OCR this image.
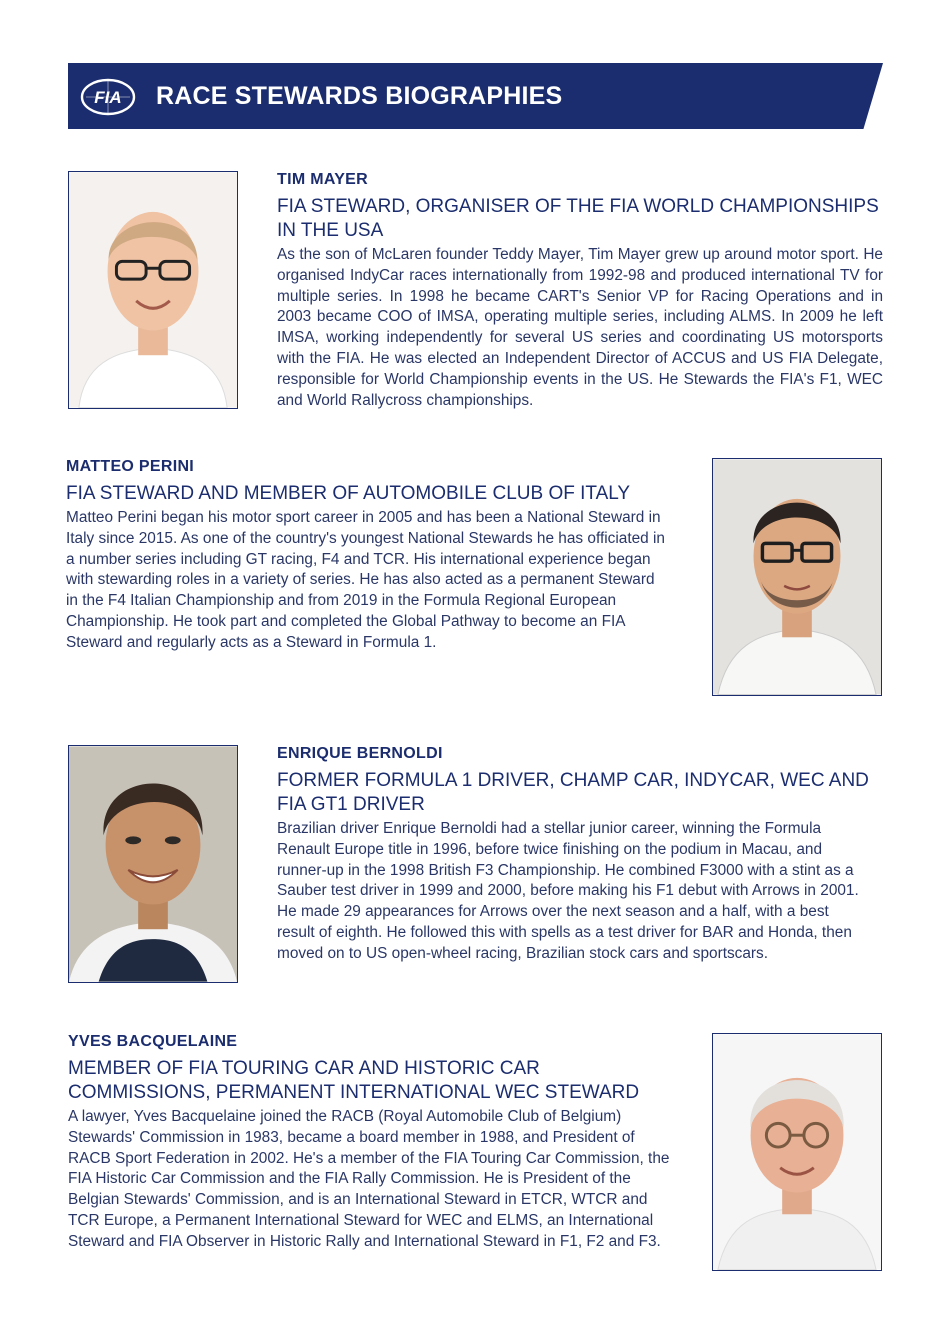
FIA RACE STEWARDS BIOGRAPHIES

TIM MAYER

FIA STEWARD, ORGANISER OF THE FIA WORLD CHAMPIONSHIPS IN THE USA

As the son of McLaren founder Teddy Mayer, Tim Mayer grew up around motor sport. He organised IndyCar races internationally from 1992-98 and produced international TV for multiple series. In 1998 he became CART's Senior VP for Racing Operations and in 2003 became COO of IMSA, operating multiple series, including ALMS. In 2009 he left IMSA, working independently for several US series and coordinating US motorsports with the FIA. He was elected an Independent Director of ACCUS and US FIA Delegate, responsible for World Championship events in the US. He Stewards the FIA's F1, WEC and World Rallycross championships.

MATTEO PERINI

FIA STEWARD AND MEMBER OF AUTOMOBILE CLUB OF ITALY

Matteo Perini began his motor sport career in 2005 and has been a National Steward in Italy since 2015. As one of the country's youngest National Stewards he has officiated in a number series including GT racing, F4 and TCR. His international experience began with stewarding roles in a variety of series. He has also acted as a permanent Steward in the F4 Italian Championship and from 2019 in the Formula Regional European Championship. He took part and completed the Global Pathway to become an FIA Steward and regularly acts as a Steward in Formula 1.

ENRIQUE BERNOLDI

FORMER FORMULA 1 DRIVER, CHAMP CAR, INDYCAR, WEC AND FIA GT1 DRIVER

Brazilian driver Enrique Bernoldi had a stellar junior career, winning the Formula Renault Europe title in 1996, before twice finishing on the podium in Macau, and runner-up in the 1998 British F3 Championship. He combined F3000 with a stint as a Sauber test driver in 1999 and 2000, before making his F1 debut with Arrows in 2001. He made 29 appearances for Arrows over the next season and a half, with a best result of eighth. He followed this with spells as a test driver for BAR and Honda, then moved on to US open-wheel racing, Brazilian stock cars and sportscars.

YVES BACQUELAINE

MEMBER OF FIA TOURING CAR AND HISTORIC CAR COMMISSIONS, PERMANENT INTERNATIONAL WEC STEWARD

A lawyer, Yves Bacquelaine joined the RACB (Royal Automobile Club of Belgium) Stewards' Commission in 1983, became a board member in 1988, and President of RACB Sport Federation in 2002. He's a member of the FIA Touring Car Commission, the FIA Historic Car Commission and the FIA Rally Commission. He is President of the Belgian Stewards' Commission, and is an International Steward in ETCR, WTCR and TCR Europe, a Permanent International Steward for WEC and ELMS, an International Steward and FIA Observer in Historic Rally and International Steward in F1, F2 and F3.
